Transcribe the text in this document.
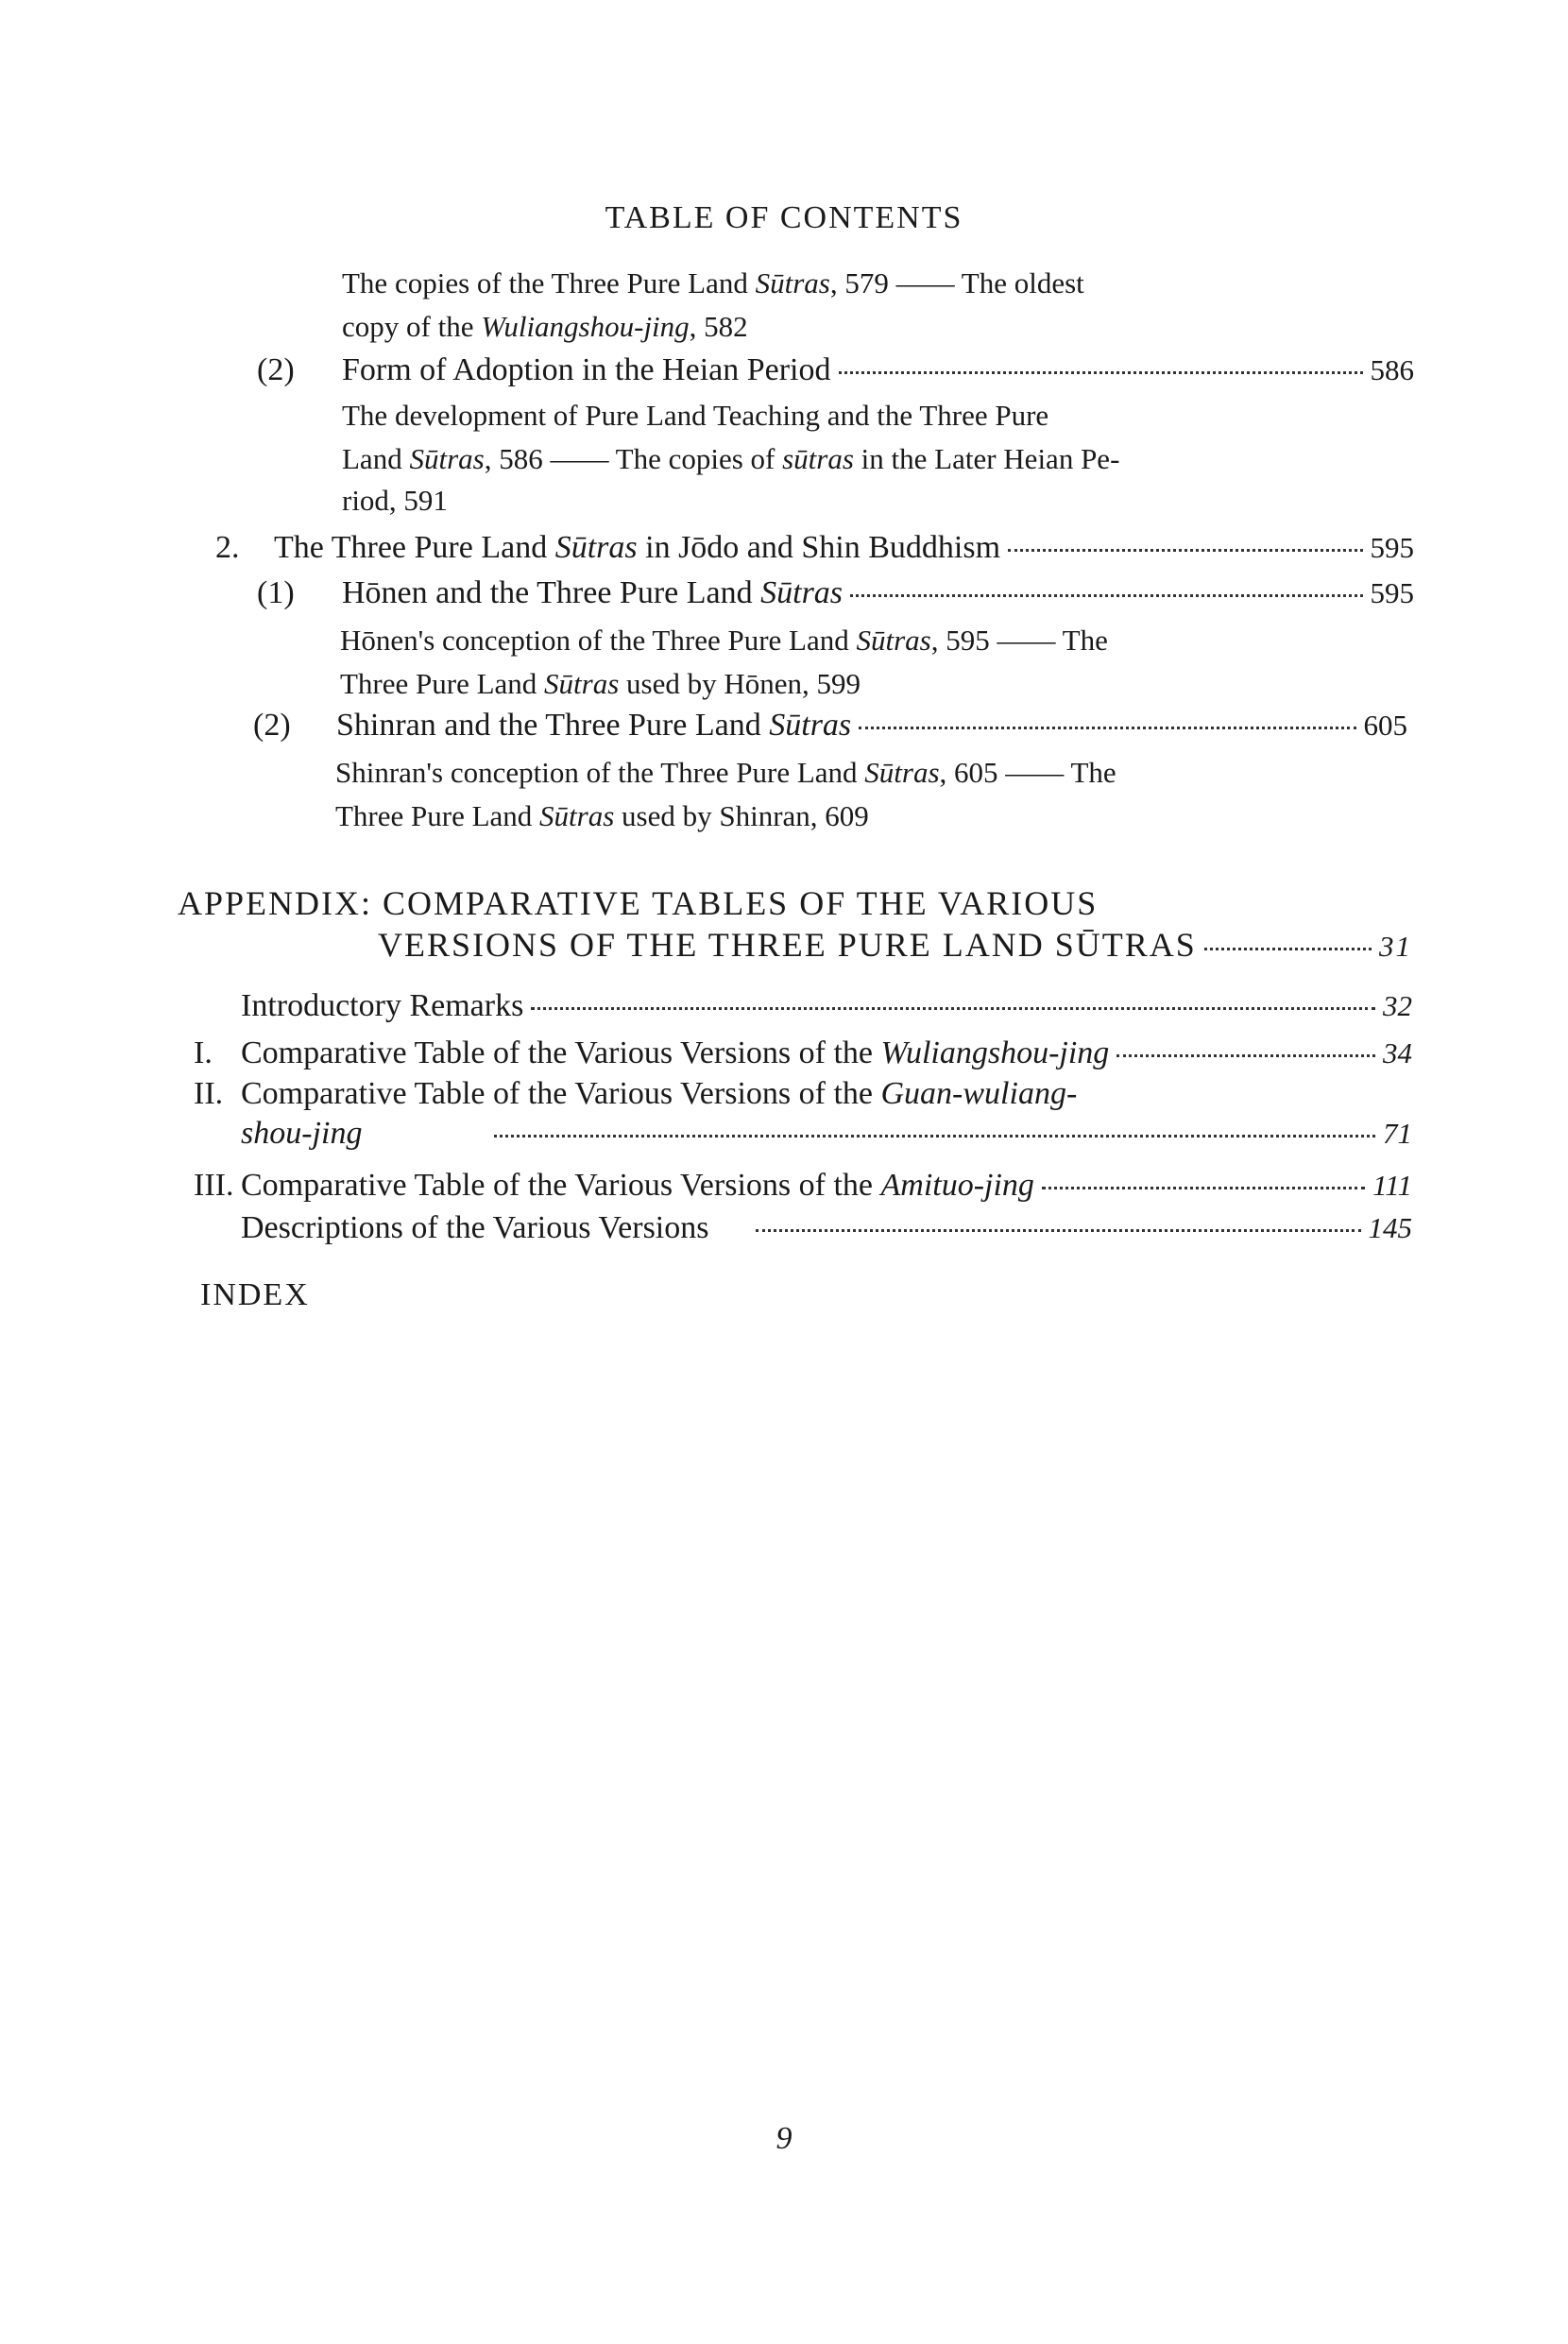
TABLE OF CONTENTS
The copies of the Three Pure Land Sūtras, 579 —— The oldest
copy of the Wuliangshou-jing, 582
(2)	Form of Adoption in the Heian Period	586
The development of Pure Land Teaching and the Three Pure
Land Sūtras, 586 —— The copies of sūtras in the Later Heian Pe-
riod, 591
2.	The Three Pure Land Sūtras in Jōdo and Shin Buddhism	595
(1)	Hōnen and the Three Pure Land Sūtras	595
Hōnen's conception of the Three Pure Land Sūtras, 595 —— The
Three Pure Land Sūtras used by Hōnen, 599
(2)	Shinran and the Three Pure Land Sūtras	605
Shinran's conception of the Three Pure Land Sūtras, 605 —— The
Three Pure Land Sūtras used by Shinran, 609
APPENDIX: COMPARATIVE TABLES OF THE VARIOUS
VERSIONS OF THE THREE PURE LAND SŪTRAS	31
Introductory Remarks	32
I. Comparative Table of the Various Versions of the Wuliangshou-jing	34
II. Comparative Table of the Various Versions of the Guan-wuliang-
shou-jing	71
III. Comparative Table of the Various Versions of the Amituo-jing	111
Descriptions of the Various Versions	145
INDEX
9
